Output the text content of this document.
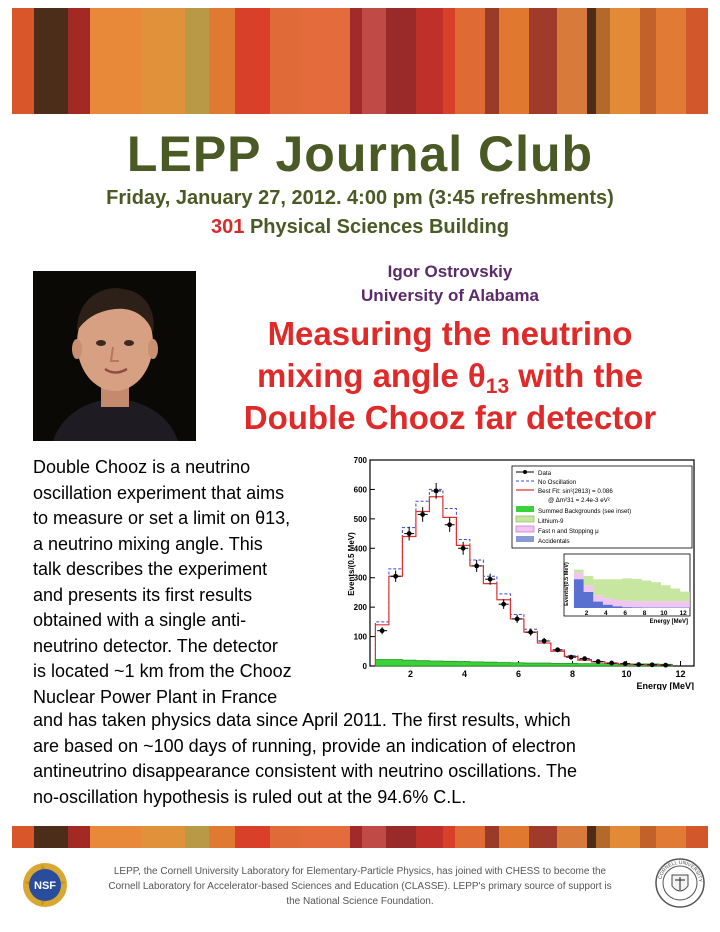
LEPP Journal Club
Friday, January 27, 2012. 4:00 pm (3:45 refreshments)
301 Physical Sciences Building
Igor Ostrovskiy
University of Alabama
Measuring the neutrino
mixing angle $\theta_{13}$ with the
Double Chooz far detector
Double Chooz is a neutrino
oscillation experiment that aims
to measure or set a limit on θ13,
a neutrino mixing angle. This
talk describes the experiment
and presents its first results
obtained with a single anti-
neutrino detector. The detector
is located ~1 km from the Chooz
Nuclear Power Plant in France
and has taken physics data since April 2011. The first results, which
are based on ~100 days of running, provide an indication of electron
antineutrino disappearance consistent with neutrino oscillations. The
no-oscillation hypothesis is ruled out at the 94.6% C.L.
0
100
200
300
400
500
600
700
2	4	6	8	10	12
Energy [MeV]
Events/(0.5 MeV)
Data
No Oscillation
Best Fit: sin²(2θ13) = 0.086
@ Δm²31 = 2.4e-3 eV²
Summed Backgrounds (see inset)
Lithium-9
Fast n and Stopping μ
Accidentals
2 4 6 8 10 12
Energy [MeV]
Events/(0.5 MeV)
NSF
LEPP, the Cornell University Laboratory for Elementary-Particle Physics, has joined with CHESS to become the
Cornell Laboratory for Accelerator-based Sciences and Education (CLASSE). LEPP's primary source of support is
the National Science Foundation.
CORNELL UNIVERSITY
